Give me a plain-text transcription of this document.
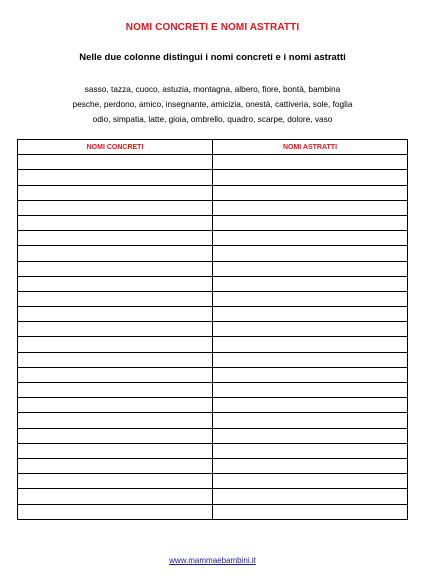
NOMI CONCRETI E NOMI ASTRATTI
Nelle due colonne distingui i nomi concreti e i nomi astratti
sasso, tazza, cuoco, astuzia, montagna, albero, fiore, bontà, bambina
pesche, perdono, amico, insegnante, amicizia, onestà, cattiveria, sole, foglia
odio, simpatia, latte, gioia, ombrello, quadro, scarpe, dolore, vaso
NOMI CONCRETI	NOMI ASTRATTI

www.mammaebambini.it
